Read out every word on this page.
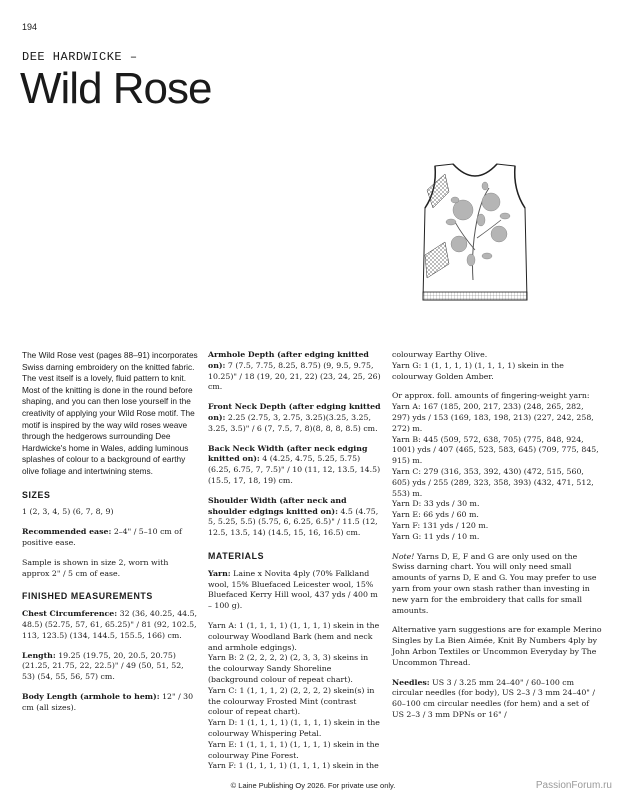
194
DEE HARDWICKE –
Wild Rose

The Wild Rose vest (pages 88–91) incorporates Swiss darning embroidery on the knitted fabric. The vest itself is a lovely, fluid pattern to knit. Most of the knitting is done in the round before shaping, and you can then lose yourself in the creativity of applying your Wild Rose motif. The motif is inspired by the way wild roses weave through the hedgerows surrounding Dee Hardwicke's home in Wales, adding luminous splashes of colour to a background of earthy olive foliage and intertwining stems.

SIZES

1 (2, 3, 4, 5) (6, 7, 8, 9)

Recommended ease: 2–4" / 5–10 cm of positive ease.

Sample is shown in size 2, worn with approx 2" / 5 cm of ease.

FINISHED MEASUREMENTS

Chest Circumference: 32 (36, 40.25, 44.5, 48.5) (52.75, 57, 61, 65.25)" / 81 (92, 102.5, 113, 123.5) (134, 144.5, 155.5, 166) cm.

Length: 19.25 (19.75, 20, 20.5, 20.75) (21.25, 21.75, 22, 22.5)" / 49 (50, 51, 52, 53) (54, 55, 56, 57) cm.

Body Length (armhole to hem): 12" / 30 cm (all sizes).

Armhole Depth (after edging knitted on): 7 (7.5, 7.75, 8.25, 8.75) (9, 9.5, 9.75, 10.25)" / 18 (19, 20, 21, 22) (23, 24, 25, 26) cm.

Front Neck Depth (after edging knitted on): 2.25 (2.75, 3, 2.75, 3.25)(3.25, 3.25, 3.25, 3.5)" / 6 (7, 7.5, 7, 8)(8, 8, 8, 8.5) cm.

Back Neck Width (after neck edging knitted on): 4 (4.25, 4.75, 5.25, 5.75) (6.25, 6.75, 7, 7.5)" / 10 (11, 12, 13.5, 14.5) (15.5, 17, 18, 19) cm.

Shoulder Width (after neck and shoulder edgings knitted on): 4.5 (4.75, 5, 5.25, 5.5) (5.75, 6, 6.25, 6.5)" / 11.5 (12, 12.5, 13.5, 14) (14.5, 15, 16, 16.5) cm.

MATERIALS

Yarn: Laine x Novita 4ply (70% Falkland wool, 15% Bluefaced Leicester wool, 15% Bluefaced Kerry Hill wool, 437 yds / 400 m – 100 g).

Yarn A: 1 (1, 1, 1, 1) (1, 1, 1, 1) skein in the colourway Woodland Bark (hem and neck and armhole edgings).

Yarn B: 2 (2, 2, 2, 2) (2, 3, 3, 3) skeins in the colourway Sandy Shoreline (background colour of repeat chart).

Yarn C: 1 (1, 1, 1, 2) (2, 2, 2, 2) skein(s) in the colourway Frosted Mint (contrast colour of repeat chart).

Yarn D: 1 (1, 1, 1, 1) (1, 1, 1, 1) skein in the colourway Whispering Petal.

Yarn E: 1 (1, 1, 1, 1) (1, 1, 1, 1) skein in the colourway Pine Forest.

Yarn F: 1 (1, 1, 1, 1) (1, 1, 1, 1) skein in the

colourway Earthy Olive.

Yarn G: 1 (1, 1, 1, 1) (1, 1, 1, 1) skein in the colourway Golden Amber.

Or approx. foll. amounts of fingering-weight yarn:

Yarn A: 167 (185, 200, 217, 233) (248, 265, 282, 297) yds / 153 (169, 183, 198, 213) (227, 242, 258, 272) m.

Yarn B: 445 (509, 572, 638, 705) (775, 848, 924, 1001) yds / 407 (465, 523, 583, 645) (709, 775, 845, 915) m.

Yarn C: 279 (316, 353, 392, 430) (472, 515, 560, 605) yds / 255 (289, 323, 358, 393) (432, 471, 512, 553) m.

Yarn D: 33 yds / 30 m.

Yarn E: 66 yds / 60 m.

Yarn F: 131 yds / 120 m.

Yarn G: 11 yds / 10 m.

Note! Yarns D, E, F and G are only used on the Swiss darning chart. You will only need small amounts of yarns D, E and G. You may prefer to use yarn from your own stash rather than investing in new yarn for the embroidery that calls for small amounts.

Alternative yarn suggestions are for example Merino Singles by La Bien Aimée, Knit By Numbers 4ply by John Arbon Textiles or Uncommon Everyday by The Uncommon Thread.

Needles: US 3 / 3.25 mm 24–40" / 60–100 cm circular needles (for body), US 2–3 / 3 mm 24–40" / 60–100 cm circular needles (for hem) and a set of US 2–3 / 3 mm DPNs or 16" /

© Laine Publishing Oy 2026. For private use only.	PassionForum.ru
